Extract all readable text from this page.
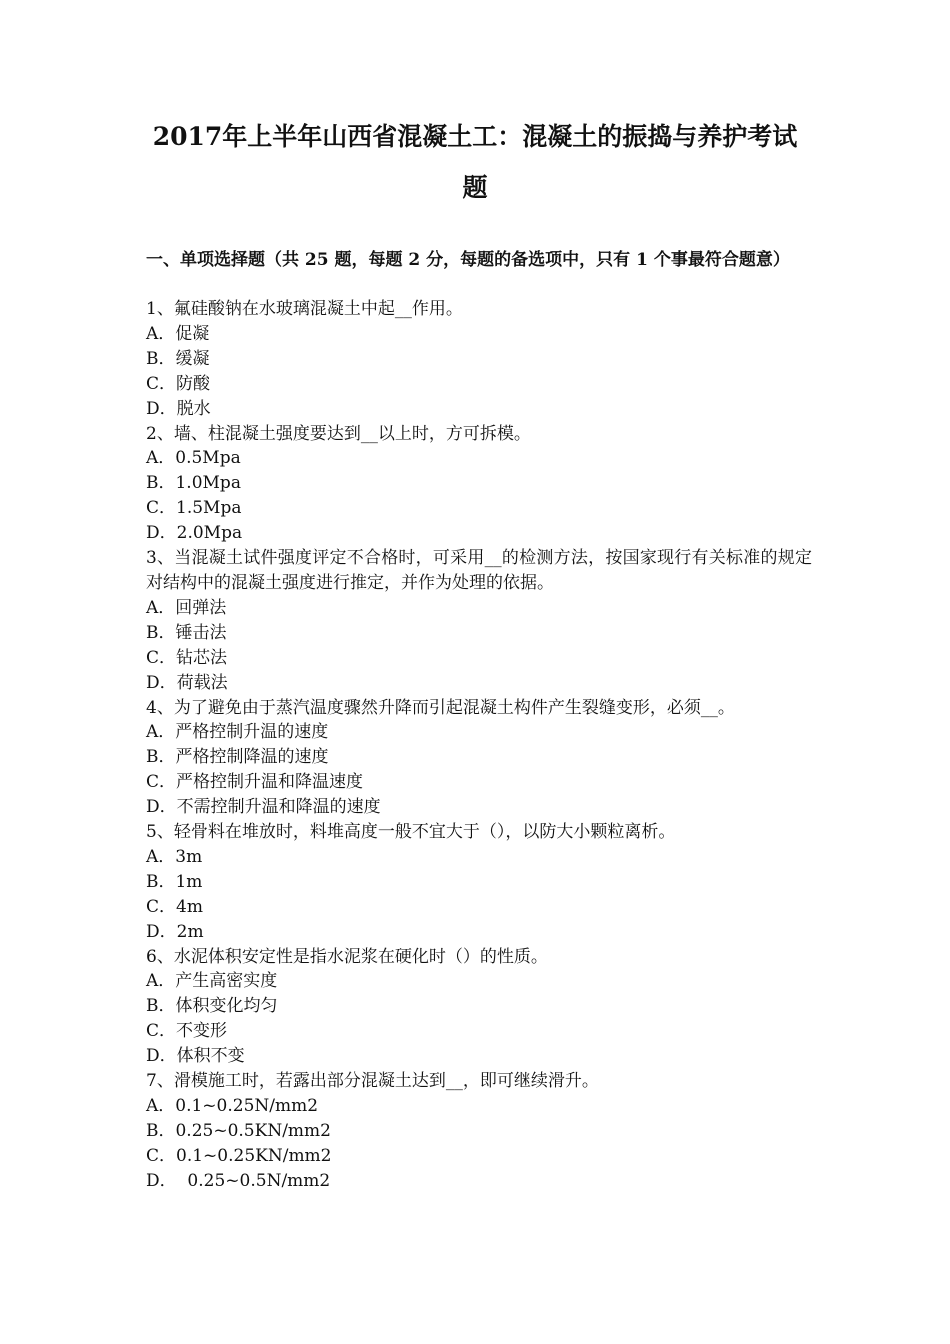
2017年上半年山西省混凝土工：混凝土的振捣与养护考试
题
一、单项选择题（共 25 题，每题 2 分，每题的备选项中，只有 1 个事最符合题意）

1、氟硅酸钠在水玻璃混凝土中起__作用。

A．促凝

B．缓凝

C．防酸

D．脱水

2、墙、柱混凝土强度要达到__以上时，方可拆模。

A．0.5Mpa

B．1.0Mpa

C．1.5Mpa

D．2.0Mpa

3、当混凝土试件强度评定不合格时，可采用__的检测方法，按国家现行有关标准的规定对结构中的混凝土强度进行推定，并作为处理的依据。

A．回弹法

B．锤击法

C．钻芯法

D．荷载法

4、为了避免由于蒸汽温度骤然升降而引起混凝土构件产生裂缝变形，必须__。

A．严格控制升温的速度

B．严格控制降温的速度

C．严格控制升温和降温速度

D．不需控制升温和降温的速度

5、轻骨料在堆放时，料堆高度一般不宜大于（），以防大小颗粒离析。

A．3m

B．1m

C．4m

D．2m

6、水泥体积安定性是指水泥浆在硬化时（）的性质。

A．产生高密实度

B．体积变化均匀

C．不变形

D．体积不变

7、滑模施工时，若露出部分混凝土达到__，即可继续滑升。

A．0.1~0.25N/mm2

B．0.25~0.5KN/mm2

C．0.1~0.25KN/mm2

D．  0.25~0.5N/mm2
